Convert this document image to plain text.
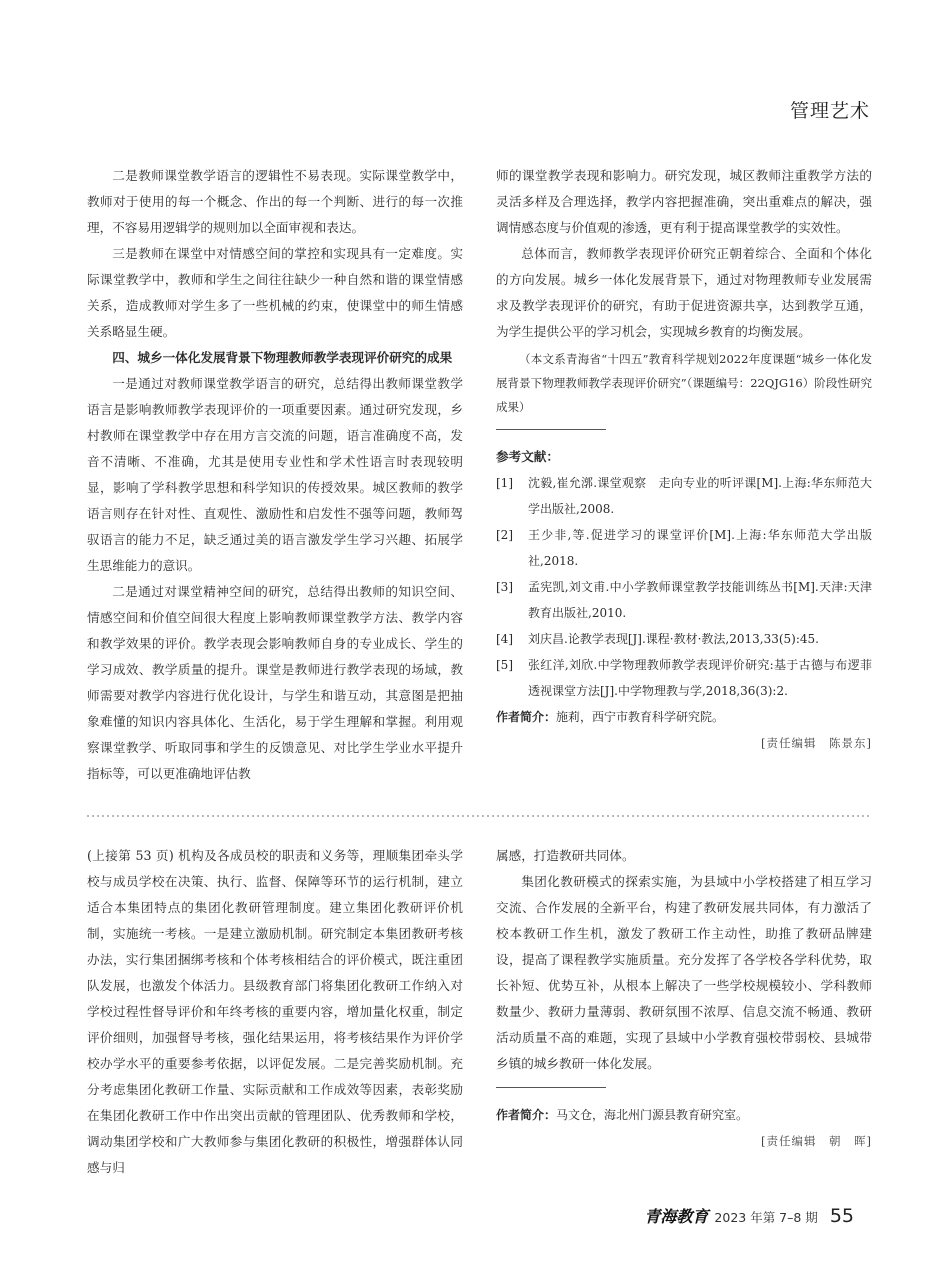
管理艺术

二是教师课堂教学语言的逻辑性不易表现。实际课堂教学中，教师对于使用的每一个概念、作出的每一个判断、进行的每一次推理，不容易用逻辑学的规则加以全面审视和表达。

三是教师在课堂中对情感空间的掌控和实现具有一定难度。实际课堂教学中，教师和学生之间往往缺少一种自然和谐的课堂情感关系，造成教师对学生多了一些机械的约束，使课堂中的师生情感关系略显生硬。

四、城乡一体化发展背景下物理教师教学表现评价研究的成果

一是通过对教师课堂教学语言的研究，总结得出教师课堂教学语言是影响教师教学表现评价的一项重要因素。通过研究发现，乡村教师在课堂教学中存在用方言交流的问题，语言准确度不高，发音不清晰、不准确，尤其是使用专业性和学术性语言时表现较明显，影响了学科教学思想和科学知识的传授效果。城区教师的教学语言则存在针对性、直观性、激励性和启发性不强等问题，教师驾驭语言的能力不足，缺乏通过美的语言激发学生学习兴趣、拓展学生思维能力的意识。

二是通过对课堂精神空间的研究，总结得出教师的知识空间、情感空间和价值空间很大程度上影响教师课堂教学方法、教学内容和教学效果的评价。教学表现会影响教师自身的专业成长、学生的学习成效、教学质量的提升。课堂是教师进行教学表现的场域，教师需要对教学内容进行优化设计，与学生和谐互动，其意图是把抽象难懂的知识内容具体化、生活化，易于学生理解和掌握。利用观察课堂教学、听取同事和学生的反馈意见、对比学生学业水平提升指标等，可以更准确地评估教

师的课堂教学表现和影响力。研究发现，城区教师注重教学方法的灵活多样及合理选择，教学内容把握准确，突出重难点的解决，强调情感态度与价值观的渗透，更有利于提高课堂教学的实效性。

总体而言，教师教学表现评价研究正朝着综合、全面和个体化的方向发展。城乡一体化发展背景下，通过对物理教师专业发展需求及教学表现评价的研究，有助于促进资源共享，达到教学互通，为学生提供公平的学习机会，实现城乡教育的均衡发展。

（本文系青海省“十四五”教育科学规划2022年度课题“城乡一体化发展背景下物理教师教学表现评价研究”（课题编号：22QJG16）阶段性研究成果）

参考文献：
[1]	沈毅,崔允漷.课堂观察　走向专业的听评课[M].上海:华东师范大学出版社,2008.
[2]	王少非,等.促进学习的课堂评价[M].上海:华东师范大学出版社,2018.
[3]	孟宪凯,刘文甫.中小学教师课堂教学技能训练丛书[M].天津:天津教育出版社,2010.
[4]	刘庆昌.论教学表现[J].课程·教材·教法,2013,33(5):45.
[5]	张红洋,刘欣.中学物理教师教学表现评价研究:基于古德与布逻菲透视课堂方法[J].中学物理教与学,2018,36(3):2.
作者简介：施莉，西宁市教育科学研究院。
[责任编辑　陈景东]

(上接第 53 页) 机构及各成员校的职责和义务等，理顺集团牵头学校与成员学校在决策、执行、监督、保障等环节的运行机制，建立适合本集团特点的集团化教研管理制度。建立集团化教研评价机制，实施统一考核。一是建立激励机制。研究制定本集团教研考核办法，实行集团捆绑考核和个体考核相结合的评价模式，既注重团队发展，也激发个体活力。县级教育部门将集团化教研工作纳入对学校过程性督导评价和年终考核的重要内容，增加量化权重，制定评价细则，加强督导考核，强化结果运用，将考核结果作为评价学校办学水平的重要参考依据，以评促发展。二是完善奖励机制。充分考虑集团化教研工作量、实际贡献和工作成效等因素，表彰奖励在集团化教研工作中作出突出贡献的管理团队、优秀教师和学校，调动集团学校和广大教师参与集团化教研的积极性，增强群体认同感与归

属感，打造教研共同体。

集团化教研模式的探索实施，为县域中小学校搭建了相互学习交流、合作发展的全新平台，构建了教研发展共同体，有力激活了校本教研工作生机，激发了教研工作主动性，助推了教研品牌建设，提高了课程教学实施质量。充分发挥了各学校各学科优势，取长补短、优势互补，从根本上解决了一些学校规模较小、学科教师数量少、教研力量薄弱、教研氛围不浓厚、信息交流不畅通、教研活动质量不高的难题，实现了县域中小学教育强校带弱校、县城带乡镇的城乡教研一体化发展。

作者简介：马文仓，海北州门源县教育研究室。
[责任编辑　朝　晖]
青海教育 2023 年第 7–8 期 55
